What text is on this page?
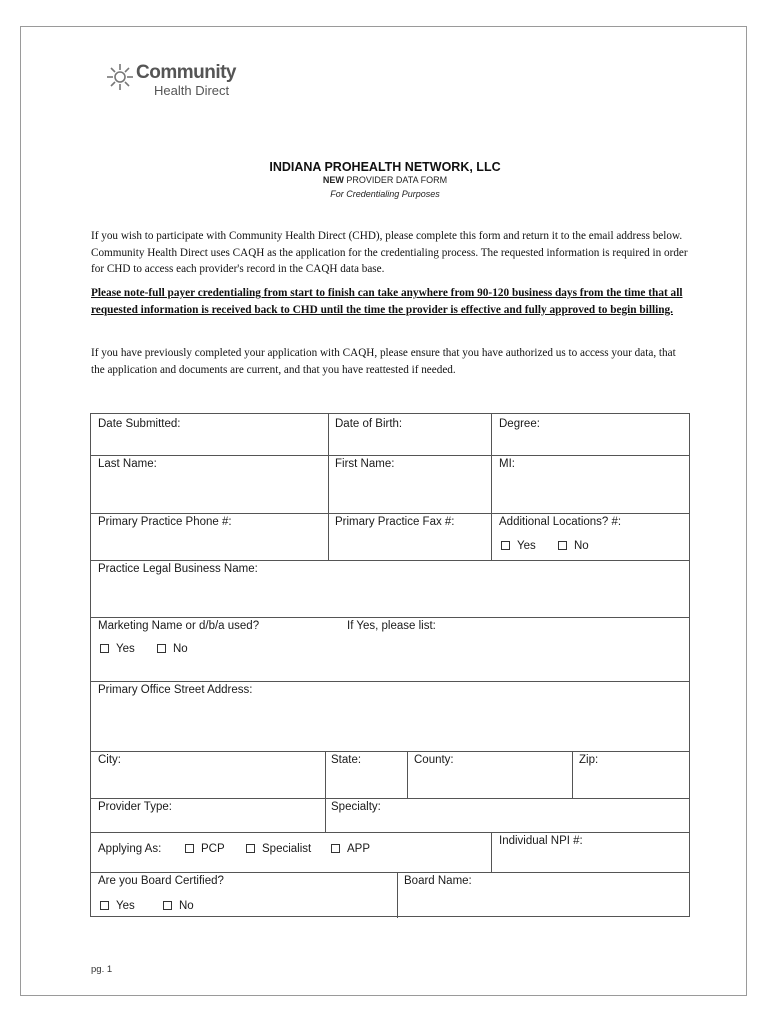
Community
Health Direct
INDIANA PROHEALTH NETWORK, LLC
NEW PROVIDER DATA FORM
For Credentialing Purposes
If you wish to participate with Community Health Direct (CHD), please complete this form and return it to the email address below. Community Health Direct uses CAQH as the application for the credentialing process. The requested information is required in order for CHD to access each provider's record in the CAQH data base.
Please note-full payer credentialing from start to finish can take anywhere from 90-120 business days from the time that all requested information is received back to CHD until the time the provider is effective and fully approved to begin billing.
If you have previously completed your application with CAQH, please ensure that you have authorized us to access your data, that the application and documents are current, and that you have reattested if needed.
Date Submitted:	Date of Birth:	Degree:
Last Name:	First Name:	MI:
Primary Practice Phone #:	Primary Practice Fax #:	Additional Locations? #:
Yes	No
Practice Legal Business Name:
Marketing Name or d/b/a used?	If Yes, please list:
Yes	No
Primary Office Street Address:
City:	State:	County:	Zip:
Provider Type:	Specialty:
Applying As:	PCP	Specialist	APP
Individual NPI #:
Are you Board Certified?	Board Name:
Yes	No
pg. 1
